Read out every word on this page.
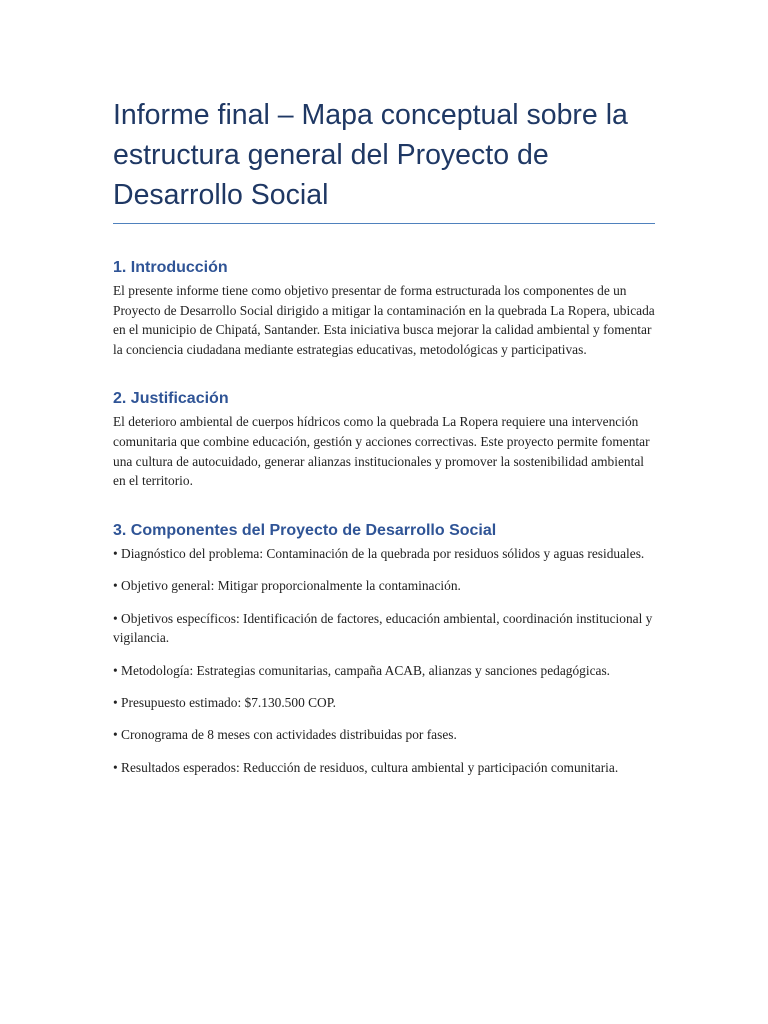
Informe final – Mapa conceptual sobre la estructura general del Proyecto de Desarrollo Social
1. Introducción

El presente informe tiene como objetivo presentar de forma estructurada los componentes de un Proyecto de Desarrollo Social dirigido a mitigar la contaminación en la quebrada La Ropera, ubicada en el municipio de Chipatá, Santander. Esta iniciativa busca mejorar la calidad ambiental y fomentar la conciencia ciudadana mediante estrategias educativas, metodológicas y participativas.

2. Justificación

El deterioro ambiental de cuerpos hídricos como la quebrada La Ropera requiere una intervención comunitaria que combine educación, gestión y acciones correctivas. Este proyecto permite fomentar una cultura de autocuidado, generar alianzas institucionales y promover la sostenibilidad ambiental en el territorio.

3. Componentes del Proyecto de Desarrollo Social

• Diagnóstico del problema: Contaminación de la quebrada por residuos sólidos y aguas residuales.

• Objetivo general: Mitigar proporcionalmente la contaminación.

• Objetivos específicos: Identificación de factores, educación ambiental, coordinación institucional y vigilancia.

• Metodología: Estrategias comunitarias, campaña ACAB, alianzas y sanciones pedagógicas.

• Presupuesto estimado: $7.130.500 COP.

• Cronograma de 8 meses con actividades distribuidas por fases.

• Resultados esperados: Reducción de residuos, cultura ambiental y participación comunitaria.
